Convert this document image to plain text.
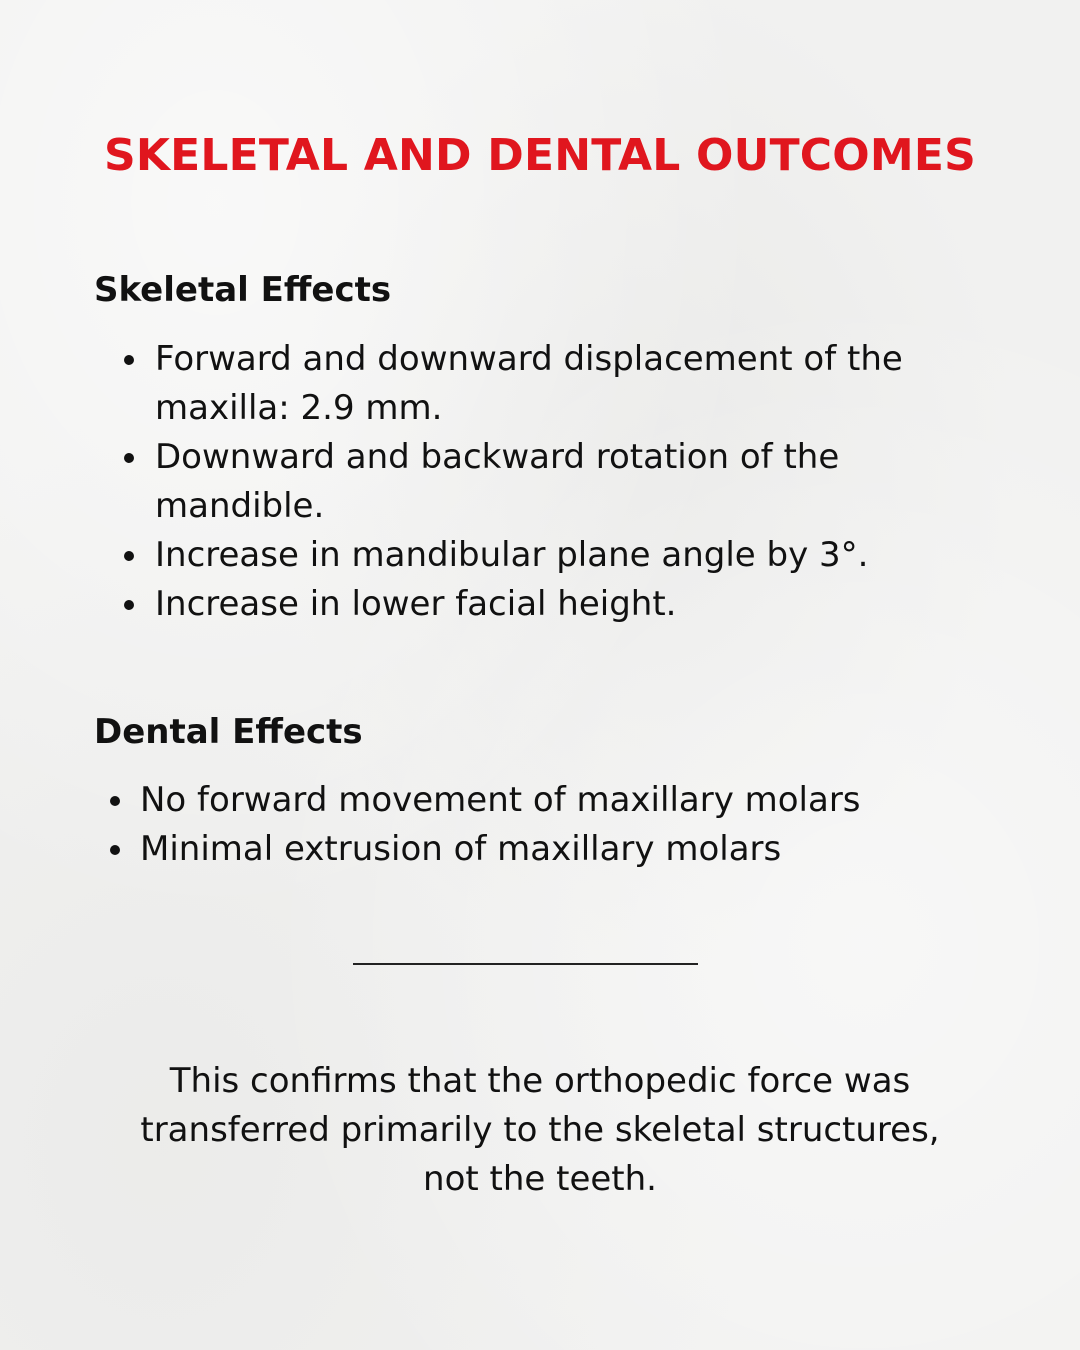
SKELETAL AND DENTAL OUTCOMES
Skeletal Effects
Forward and downward displacement of the maxilla: 2.9 mm.
Downward and backward rotation of the mandible.
Increase in mandibular plane angle by 3°.
Increase in lower facial height.
Dental Effects
No forward movement of maxillary molars
Minimal extrusion of maxillary molars

This confirms that the orthopedic force was transferred primarily to the skeletal structures, not the teeth.
